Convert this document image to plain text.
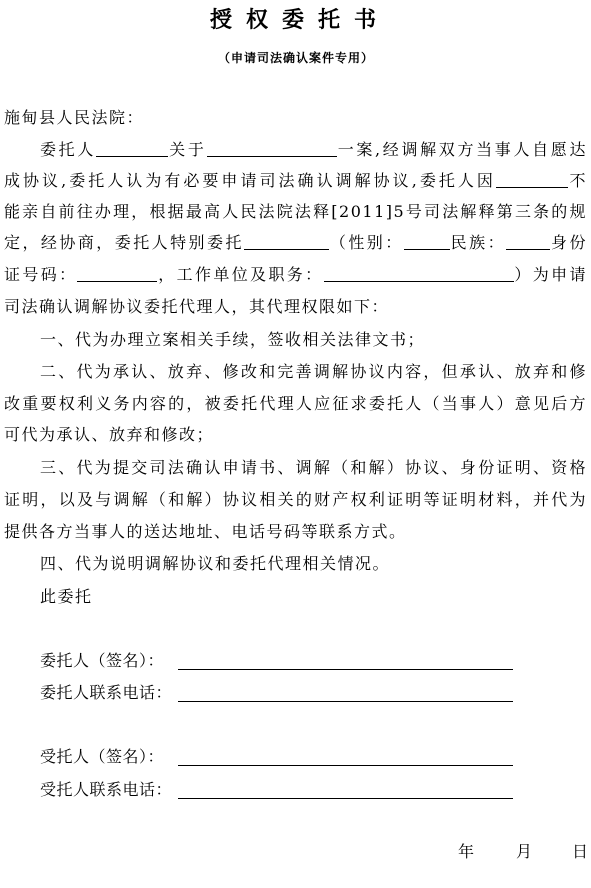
授权委托书
（申请司法确认案件专用）
施甸县人民法院：
委托人	关于	一案,经调解双方当事人自愿达
成协议,委托人认为有必要申请司法确认调解协议,委托人因	不
能亲自前往办理，根据最高人民法院法释[2011]5号司法解释第三条的规
定，经协商，委托人特别委托	（性别：	民族：	身份
证号码：	，工作单位及职务：	）为申请
司法确认调解协议委托代理人，其代理权限如下：
一、代为办理立案相关手续，签收相关法律文书；
二、代为承认、放弃、修改和完善调解协议内容，但承认、放弃和修
改重要权利义务内容的，被委托代理人应征求委托人（当事人）意见后方
可代为承认、放弃和修改；
三、代为提交司法确认申请书、调解（和解）协议、身份证明、资格
证明，以及与调解（和解）协议相关的财产权利证明等证明材料，并代为
提供各方当事人的送达地址、电话号码等联系方式。
四、代为说明调解协议和委托代理相关情况。
此委托
委托人（签名）：
委托人联系电话：
受托人（签名）：
受托人联系电话：
年	月 日
